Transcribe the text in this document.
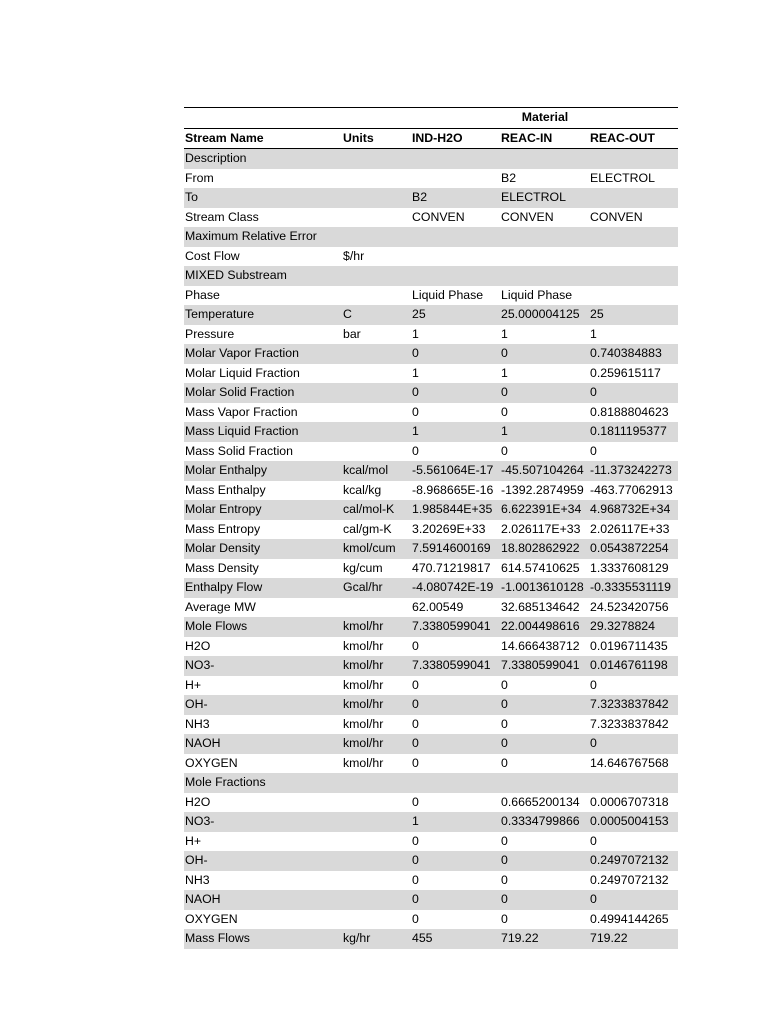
		Material		
Stream Name	Units	IND-H2O	REAC-IN	REAC-OUT
Description				
From			B2	ELECTROL
To		B2	ELECTROL	
Stream Class		CONVEN	CONVEN	CONVEN
Maximum Relative Error				
Cost Flow	$/hr			
MIXED Substream				
Phase		Liquid Phase	Liquid Phase	
Temperature	C	25	25.000004125	25
Pressure	bar	1	1	1
Molar Vapor Fraction		0	0	0.740384883
Molar Liquid Fraction		1	1	0.259615117
Molar Solid Fraction		0	0	0
Mass Vapor Fraction		0	0	0.8188804623
Mass Liquid Fraction		1	1	0.1811195377
Mass Solid Fraction		0	0	0
Molar Enthalpy	kcal/mol	-5.561064E-17	-45.507104264	-11.373242273
Mass Enthalpy	kcal/kg	-8.968665E-16	-1392.2874959	-463.77062913
Molar Entropy	cal/mol-K	1.985844E+35	6.622391E+34	4.968732E+34
Mass Entropy	cal/gm-K	3.20269E+33	2.026117E+33	2.026117E+33
Molar Density	kmol/cum	7.5914600169	18.802862922	0.0543872254
Mass Density	kg/cum	470.71219817	614.57410625	1.3337608129
Enthalpy Flow	Gcal/hr	-4.080742E-19	-1.0013610128	-0.3335531119
Average MW		62.00549	32.685134642	24.523420756
Mole Flows	kmol/hr	7.3380599041	22.004498616	29.3278824
H2O	kmol/hr	0	14.666438712	0.0196711435
NO3-	kmol/hr	7.3380599041	7.3380599041	0.0146761198
H+	kmol/hr	0	0	0
OH-	kmol/hr	0	0	7.3233837842
NH3	kmol/hr	0	0	7.3233837842
NAOH	kmol/hr	0	0	0
OXYGEN	kmol/hr	0	0	14.646767568
Mole Fractions				
H2O		0	0.6665200134	0.0006707318
NO3-		1	0.3334799866	0.0005004153
H+		0	0	0
OH-		0	0	0.2497072132
NH3		0	0	0.2497072132
NAOH		0	0	0
OXYGEN		0	0	0.4994144265
Mass Flows	kg/hr	455	719.22	719.22
